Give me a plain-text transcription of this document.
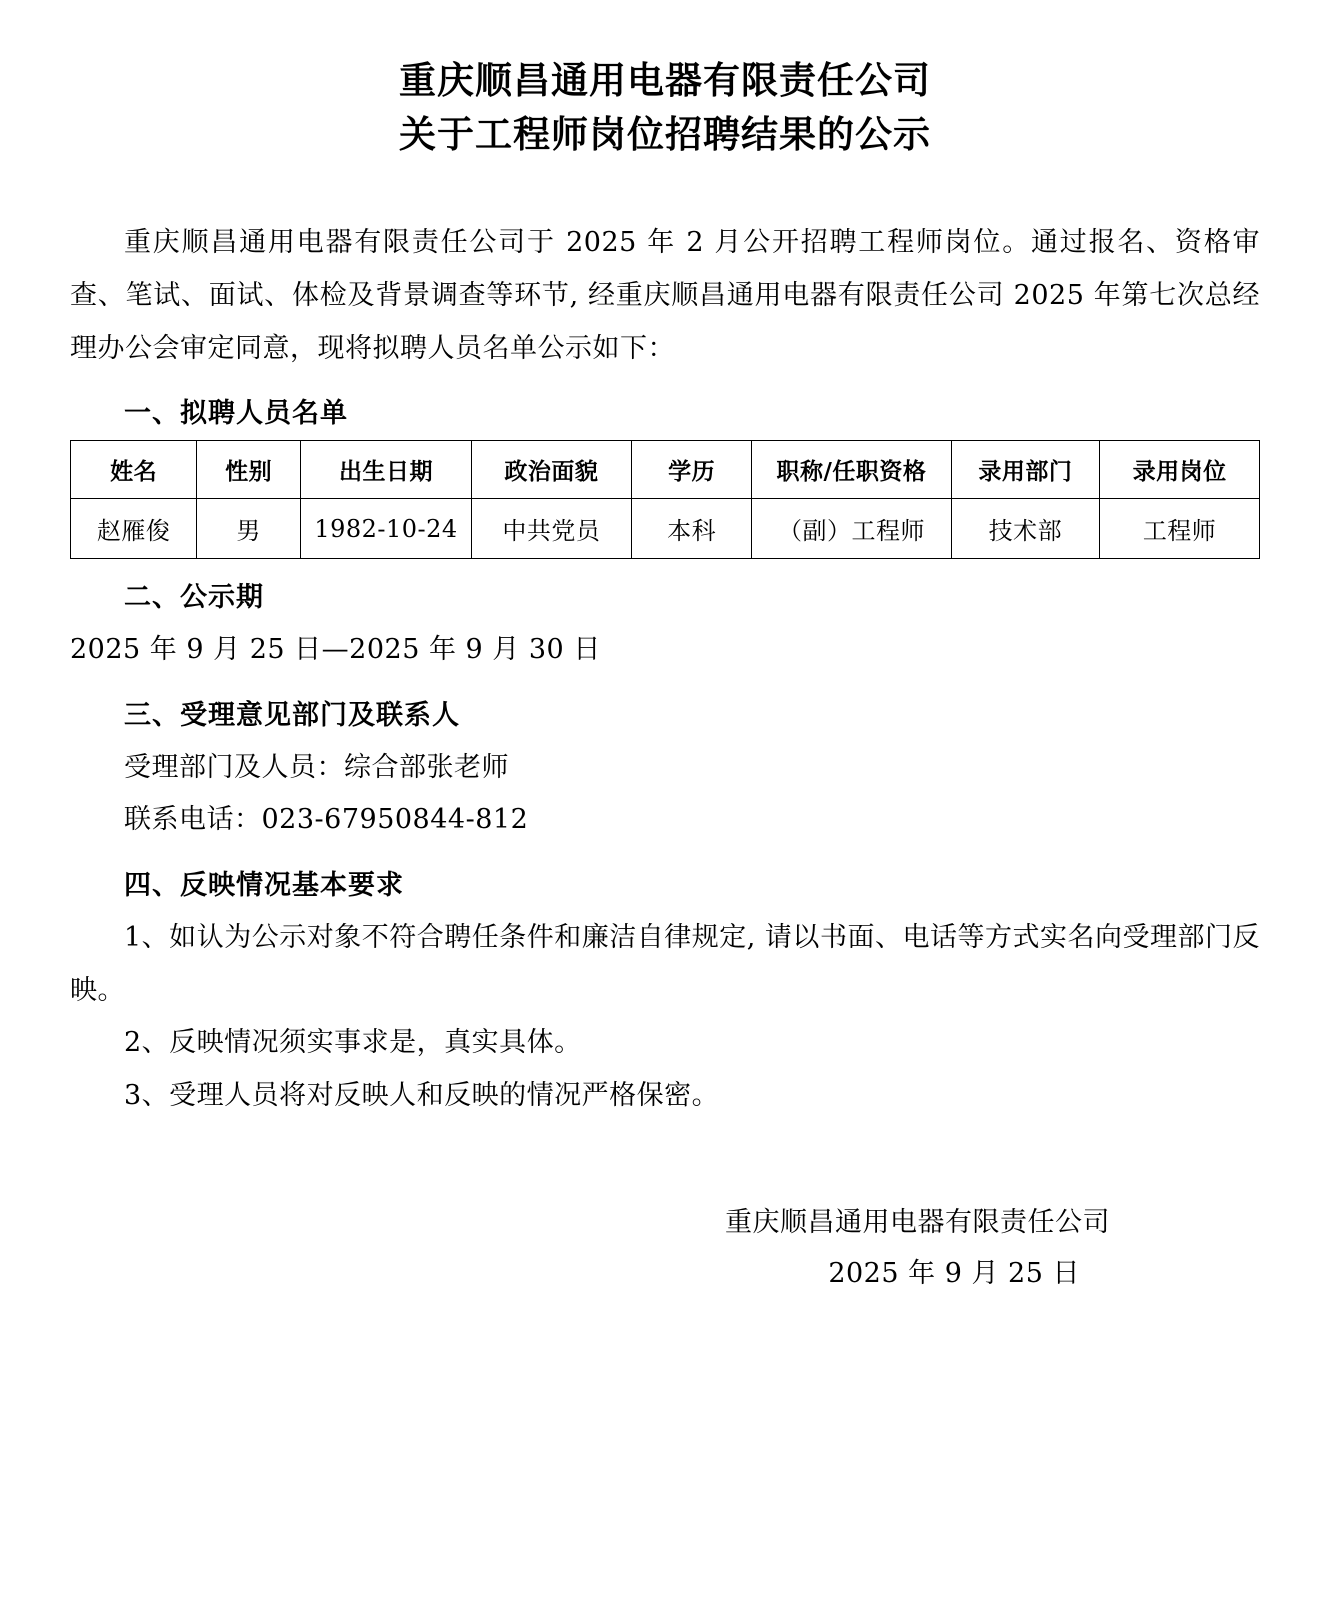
重庆顺昌通用电器有限责任公司
关于工程师岗位招聘结果的公示

重庆顺昌通用电器有限责任公司于 2025 年 2 月公开招聘工程师岗位。通过报名、资格审查、笔试、面试、体检及背景调查等环节, 经重庆顺昌通用电器有限责任公司 2025 年第七次总经理办公会审定同意，现将拟聘人员名单公示如下：

一、拟聘人员名单
姓名	性别	出生日期	政治面貌	学历	职称/任职资格	录用部门	录用岗位
赵雁俊	男	1982-10-24	中共党员	本科	（副）工程师	技术部	工程师
二、公示期

2025 年 9 月 25 日—2025 年 9 月 30 日

三、受理意见部门及联系人

受理部门及人员：综合部张老师

联系电话：023-67950844-812

四、反映情况基本要求

1、如认为公示对象不符合聘任条件和廉洁自律规定, 请以书面、电话等方式实名向受理部门反映。

2、反映情况须实事求是，真实具体。

3、受理人员将对反映人和反映的情况严格保密。

重庆顺昌通用电器有限责任公司
2025 年 9 月 25 日
